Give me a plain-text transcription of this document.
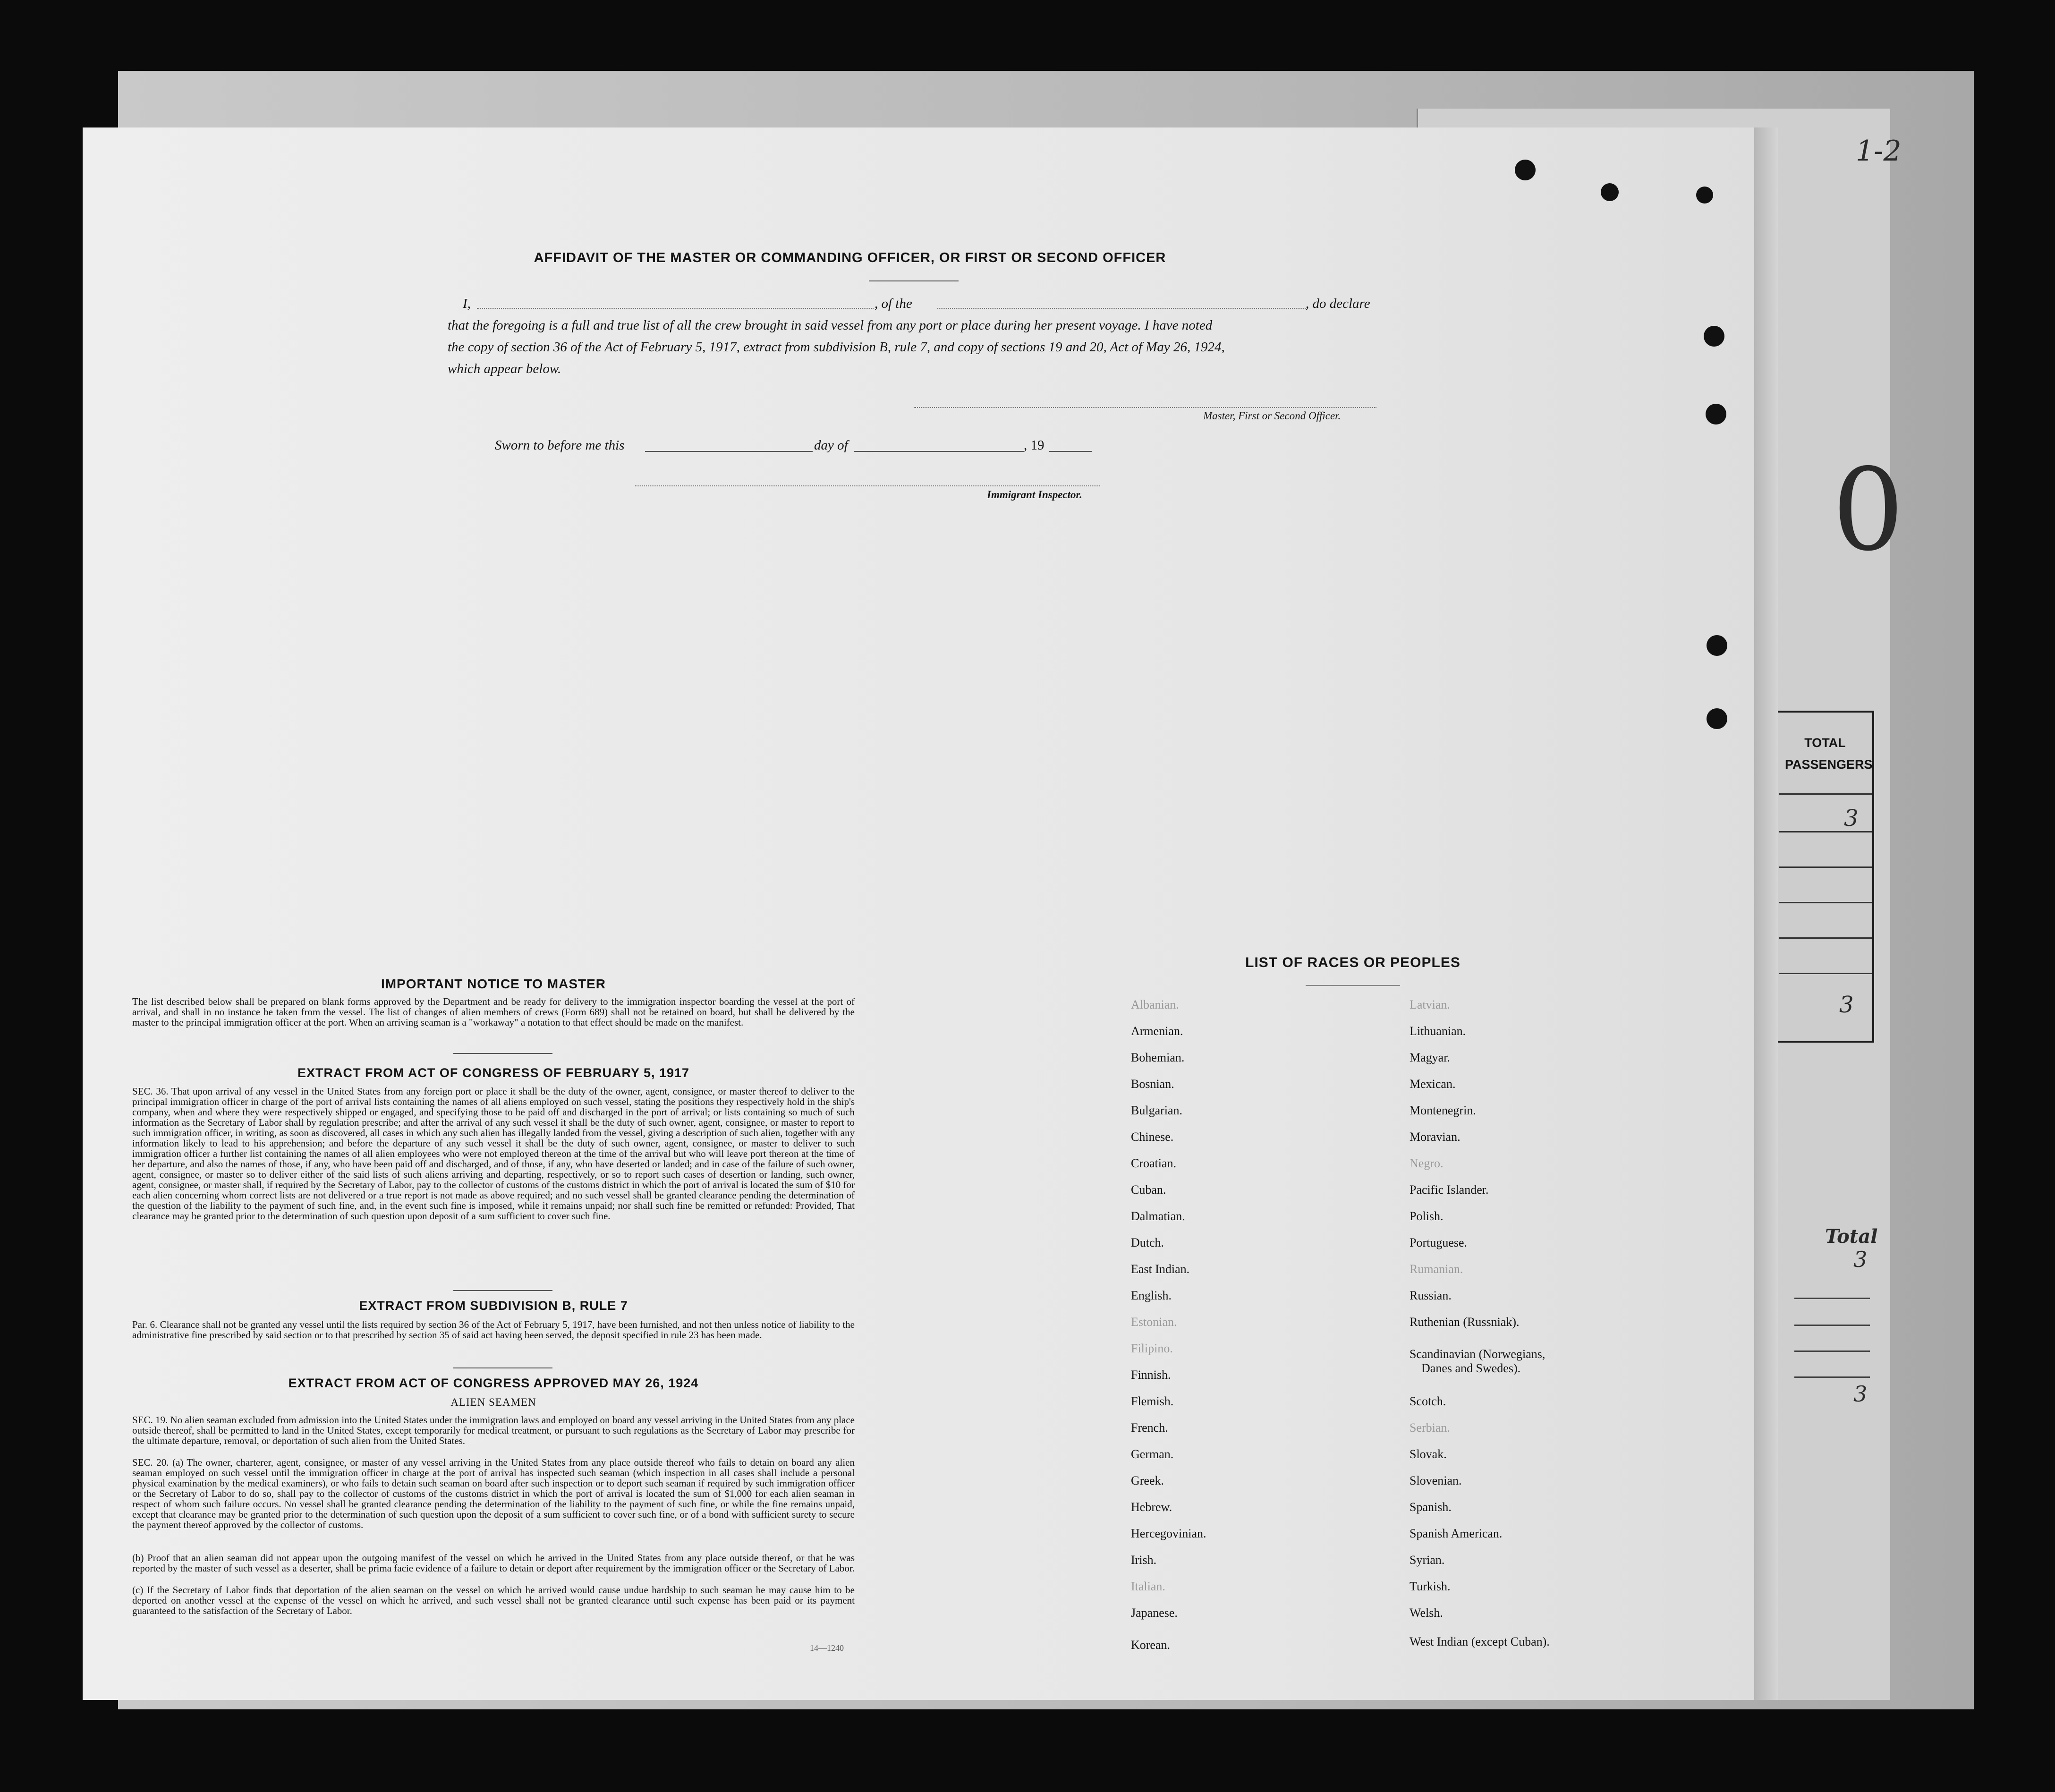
1-2
0
TOTAL
PASSENGERS
3
3
Total
3
3
AFFIDAVIT OF THE MASTER OR COMMANDING OFFICER, OR FIRST OR SECOND OFFICER
I,	, of the	, do declare
that the foregoing is a full and true list of all the crew brought in said vessel from any port or place during her present voyage. I have noted
the copy of section 36 of the Act of February 5, 1917, extract from subdivision B, rule 7, and copy of sections 19 and 20, Act of May 26, 1924,
which appear below.
Master, First or Second Officer.
Sworn to before me this	day of	, 19
Immigrant Inspector.
IMPORTANT NOTICE TO MASTER
The list described below shall be prepared on blank forms approved by the Department and be ready for delivery to the immigration inspector boarding the vessel at the port of arrival, and shall in no instance be taken from the vessel. The list of changes of alien members of crews (Form 689) shall not be retained on board, but shall be delivered by the master to the principal immigration officer at the port. When an arriving seaman is a "workaway" a notation to that effect should be made on the manifest.
EXTRACT FROM ACT OF CONGRESS OF FEBRUARY 5, 1917
SEC. 36. That upon arrival of any vessel in the United States from any foreign port or place it shall be the duty of the owner, agent, consignee, or master thereof to deliver to the principal immigration officer in charge of the port of arrival lists containing the names of all aliens employed on such vessel, stating the positions they respectively hold in the ship's company, when and where they were respectively shipped or engaged, and specifying those to be paid off and discharged in the port of arrival; or lists containing so much of such information as the Secretary of Labor shall by regulation prescribe; and after the arrival of any such vessel it shall be the duty of such owner, agent, consignee, or master to report to such immigration officer, in writing, as soon as discovered, all cases in which any such alien has illegally landed from the vessel, giving a description of such alien, together with any information likely to lead to his apprehension; and before the departure of any such vessel it shall be the duty of such owner, agent, consignee, or master to deliver to such immigration officer a further list containing the names of all alien employees who were not employed thereon at the time of the arrival but who will leave port thereon at the time of her departure, and also the names of those, if any, who have been paid off and discharged, and of those, if any, who have deserted or landed; and in case of the failure of such owner, agent, consignee, or master so to deliver either of the said lists of such aliens arriving and departing, respectively, or so to report such cases of desertion or landing, such owner, agent, consignee, or master shall, if required by the Secretary of Labor, pay to the collector of customs of the customs district in which the port of arrival is located the sum of $10 for each alien concerning whom correct lists are not delivered or a true report is not made as above required; and no such vessel shall be granted clearance pending the determination of the question of the liability to the payment of such fine, and, in the event such fine is imposed, while it remains unpaid; nor shall such fine be remitted or refunded: Provided, That clearance may be granted prior to the determination of such question upon deposit of a sum sufficient to cover such fine.
EXTRACT FROM SUBDIVISION B, RULE 7
Par. 6. Clearance shall not be granted any vessel until the lists required by section 36 of the Act of February 5, 1917, have been furnished, and not then unless notice of liability to the administrative fine prescribed by said section or to that prescribed by section 35 of said act having been served, the deposit specified in rule 23 has been made.
EXTRACT FROM ACT OF CONGRESS APPROVED MAY 26, 1924
ALIEN SEAMEN
SEC. 19. No alien seaman excluded from admission into the United States under the immigration laws and employed on board any vessel arriving in the United States from any place outside thereof, shall be permitted to land in the United States, except temporarily for medical treatment, or pursuant to such regulations as the Secretary of Labor may prescribe for the ultimate departure, removal, or deportation of such alien from the United States.
SEC. 20. (a) The owner, charterer, agent, consignee, or master of any vessel arriving in the United States from any place outside thereof who fails to detain on board any alien seaman employed on such vessel until the immigration officer in charge at the port of arrival has inspected such seaman (which inspection in all cases shall include a personal physical examination by the medical examiners), or who fails to detain such seaman on board after such inspection or to deport such seaman if required by such immigration officer or the Secretary of Labor to do so, shall pay to the collector of customs of the customs district in which the port of arrival is located the sum of $1,000 for each alien seaman in respect of whom such failure occurs. No vessel shall be granted clearance pending the determination of the liability to the payment of such fine, or while the fine remains unpaid, except that clearance may be granted prior to the determination of such question upon the deposit of a sum sufficient to cover such fine, or of a bond with sufficient surety to secure the payment thereof approved by the collector of customs.
(b) Proof that an alien seaman did not appear upon the outgoing manifest of the vessel on which he arrived in the United States from any place outside thereof, or that he was reported by the master of such vessel as a deserter, shall be prima facie evidence of a failure to detain or deport after requirement by the immigration officer or the Secretary of Labor.
(c) If the Secretary of Labor finds that deportation of the alien seaman on the vessel on which he arrived would cause undue hardship to such seaman he may cause him to be deported on another vessel at the expense of the vessel on which he arrived, and such vessel shall not be granted clearance until such expense has been paid or its payment guaranteed to the satisfaction of the Secretary of Labor.
14—1240
LIST OF RACES OR PEOPLES
Albanian.
Armenian.
Bohemian.
Bosnian.
Bulgarian.
Chinese.
Croatian.
Cuban.
Dalmatian.
Dutch.
East Indian.
English.
Estonian.
Filipino.
Finnish.
Flemish.
French.
German.
Greek.
Hebrew.
Hercegovinian.
Irish.
Italian.
Japanese.
Korean.
Latvian.
Lithuanian.
Magyar.
Mexican.
Montenegrin.
Moravian.
Negro.
Pacific Islander.
Polish.
Portuguese.
Rumanian.
Russian.
Ruthenian (Russniak).
Scandinavian (Norwegians,
Danes and Swedes).
Scotch.
Serbian.
Slovak.
Slovenian.
Spanish.
Spanish American.
Syrian.
Turkish.
Welsh.
West Indian (except Cuban).
